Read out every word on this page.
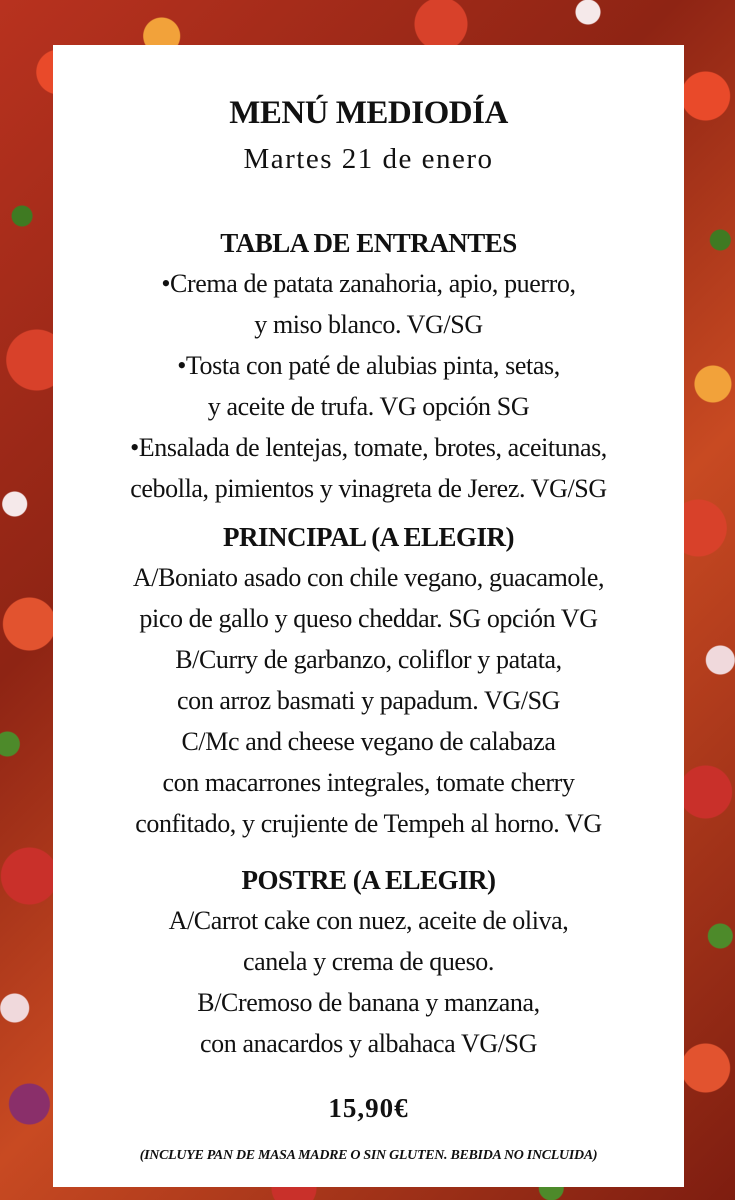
MENÚ MEDIODÍA
Martes 21 de enero
TABLA DE ENTRANTES
•Crema de patata zanahoria, apio, puerro,
y miso blanco. VG/SG
•Tosta con paté de alubias pinta, setas,
y aceite de trufa. VG opción SG
•Ensalada de lentejas, tomate, brotes, aceitunas,
cebolla, pimientos y vinagreta de Jerez. VG/SG
PRINCIPAL (A ELEGIR)
A/Boniato asado con chile vegano, guacamole,
pico de gallo y queso cheddar. SG opción VG
B/Curry de garbanzo, coliflor y patata,
con arroz basmati y papadum. VG/SG
C/Mc and cheese vegano de calabaza
con macarrones integrales, tomate cherry
confitado, y crujiente de Tempeh al horno. VG
POSTRE (A ELEGIR)
A/Carrot cake con nuez, aceite de oliva,
canela y crema de queso.
B/Cremoso de banana y manzana,
con anacardos y albahaca VG/SG
15,90€
(INCLUYE PAN DE MASA MADRE O SIN GLUTEN. BEBIDA NO INCLUIDA)
